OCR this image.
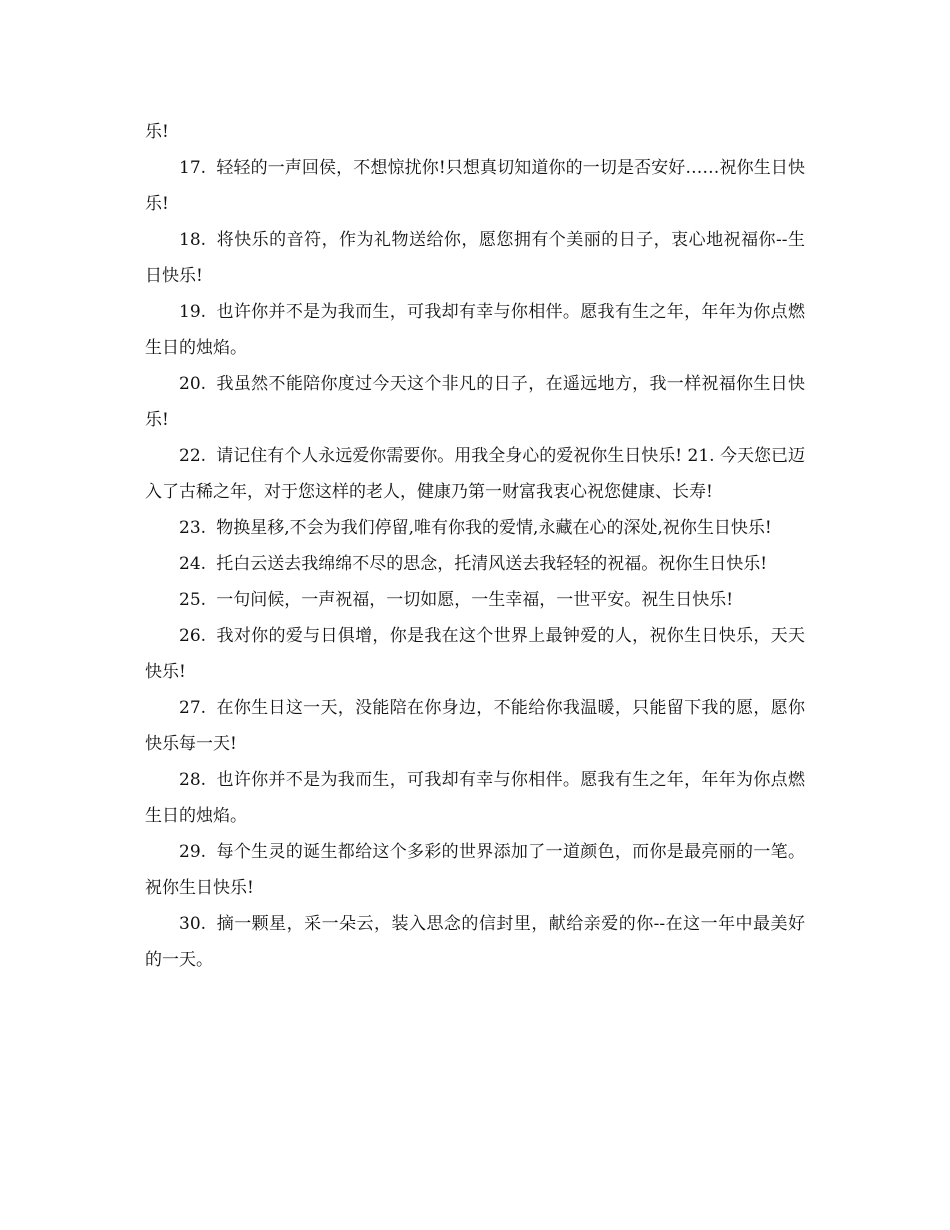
乐!

17. 轻轻的一声回侯，不想惊扰你!只想真切知道你的一切是否安好……祝你生日快乐!

18. 将快乐的音符，作为礼物送给你，愿您拥有个美丽的日子，衷心地祝福你--生日快乐!

19. 也许你并不是为我而生，可我却有幸与你相伴。愿我有生之年，年年为你点燃生日的烛焰。

20. 我虽然不能陪你度过今天这个非凡的日子，在遥远地方，我一样祝福你生日快乐!

22. 请记住有个人永远爱你需要你。用我全身心的爱祝你生日快乐! 21. 今天您已迈入了古稀之年，对于您这样的老人，健康乃第一财富我衷心祝您健康、长寿!

23. 物换星移,不会为我们停留,唯有你我的爱情,永藏在心的深处,祝你生日快乐!

24. 托白云送去我绵绵不尽的思念，托清风送去我轻轻的祝福。祝你生日快乐!

25. 一句问候，一声祝福，一切如愿，一生幸福，一世平安。祝生日快乐!

26. 我对你的爱与日俱增，你是我在这个世界上最钟爱的人，祝你生日快乐，天天快乐!

27. 在你生日这一天，没能陪在你身边，不能给你我温暖，只能留下我的愿，愿你快乐每一天!

28. 也许你并不是为我而生，可我却有幸与你相伴。愿我有生之年，年年为你点燃生日的烛焰。

29. 每个生灵的诞生都给这个多彩的世界添加了一道颜色，而你是最亮丽的一笔。祝你生日快乐!

30. 摘一颗星，采一朵云，装入思念的信封里，献给亲爱的你--在这一年中最美好的一天。
